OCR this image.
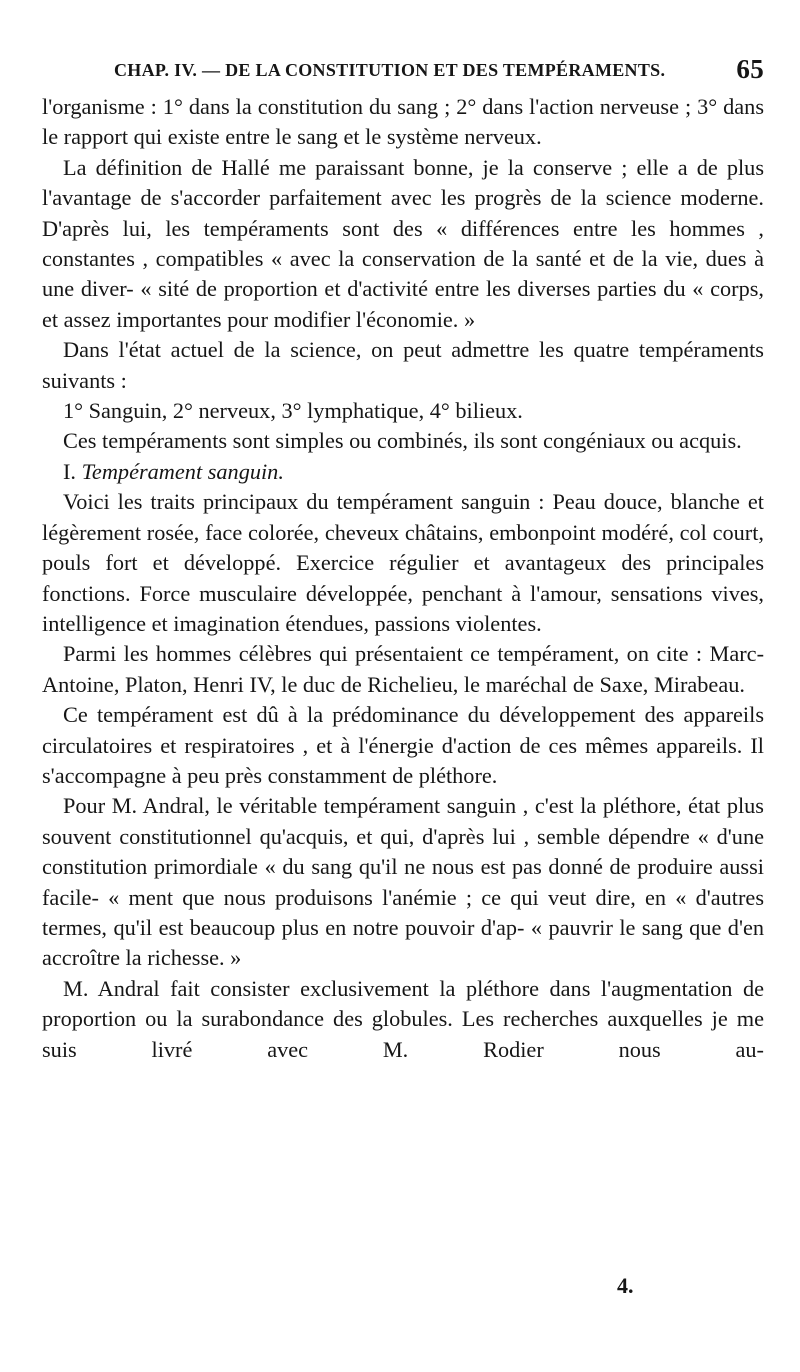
CHAP. IV. — DE LA CONSTITUTION ET DES TEMPÉRAMENTS.	65

l'organisme : 1° dans la constitution du sang ; 2° dans l'action nerveuse ; 3° dans le rapport qui existe entre le sang et le système nerveux.

La définition de Hallé me paraissant bonne, je la conserve ; elle a de plus l'avantage de s'accorder parfaitement avec les progrès de la science moderne. D'après lui, les tempéraments sont des « différences entre les hommes , constantes , compatibles « avec la conservation de la santé et de la vie, dues à une diver- « sité de proportion et d'activité entre les diverses parties du « corps, et assez importantes pour modifier l'économie. »

Dans l'état actuel de la science, on peut admettre les quatre tempéraments suivants :

1° Sanguin, 2° nerveux, 3° lymphatique, 4° bilieux.

Ces tempéraments sont simples ou combinés, ils sont congéniaux ou acquis.

I. Tempérament sanguin.

Voici les traits principaux du tempérament sanguin : Peau douce, blanche et légèrement rosée, face colorée, cheveux châtains, embonpoint modéré, col court, pouls fort et développé. Exercice régulier et avantageux des principales fonctions. Force musculaire développée, penchant à l'amour, sensations vives, intelligence et imagination étendues, passions violentes.

Parmi les hommes célèbres qui présentaient ce tempérament, on cite : Marc-Antoine, Platon, Henri IV, le duc de Richelieu, le maréchal de Saxe, Mirabeau.

Ce tempérament est dû à la prédominance du développement des appareils circulatoires et respiratoires , et à l'énergie d'action de ces mêmes appareils. Il s'accompagne à peu près constamment de pléthore.

Pour M. Andral, le véritable tempérament sanguin , c'est la pléthore, état plus souvent constitutionnel qu'acquis, et qui, d'après lui , semble dépendre « d'une constitution primordiale « du sang qu'il ne nous est pas donné de produire aussi facile- « ment que nous produisons l'anémie ; ce qui veut dire, en « d'autres termes, qu'il est beaucoup plus en notre pouvoir d'ap- « pauvrir le sang que d'en accroître la richesse. »

M. Andral fait consister exclusivement la pléthore dans l'augmentation de proportion ou la surabondance des globules. Les recherches auxquelles je me suis livré avec M. Rodier nous au-

4.
